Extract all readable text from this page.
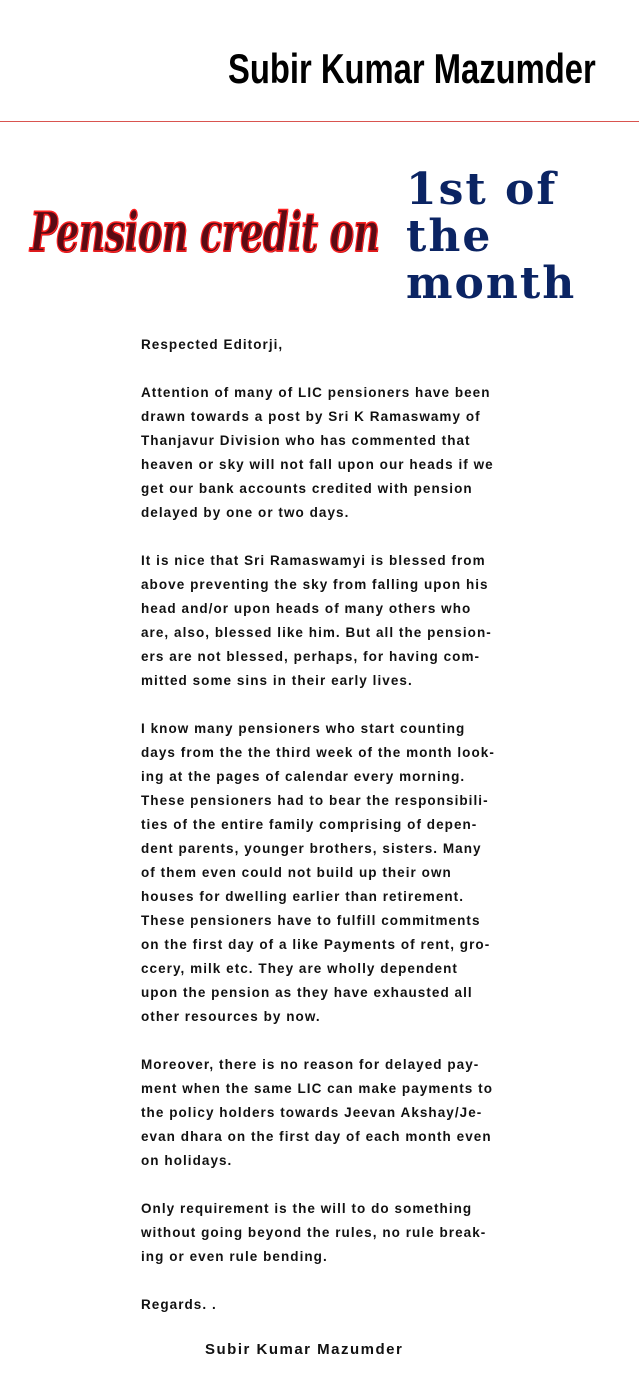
Subir Kumar Mazumder
Pension credit on
1st of
the
month

Respected Editorji,

Attention of many of LIC pensioners have been
drawn towards a post by Sri K Ramaswamy of
Thanjavur Division who has commented that
heaven or sky will not fall upon our heads if we
get our bank accounts credited with pension
delayed by one or two days.

It is nice that Sri Ramaswamyi is blessed from
above preventing the sky from falling upon his
head and/or upon heads of many others who
are, also, blessed like him. But all the pension-
ers are not blessed, perhaps, for having com-
mitted some sins in their early lives.

I know many pensioners who start counting
days from the the third week of the month look-
ing at the pages of calendar every morning.
These pensioners had to bear the responsibili-
ties of the entire family comprising of depen-
dent parents, younger brothers, sisters. Many
of them even could not build up their own
houses for dwelling earlier than retirement.
These pensioners have to fulfill commitments
on the first day of a like Payments of rent, gro-
ccery, milk etc. They are wholly dependent
upon the pension as they have exhausted all
other resources by now.

Moreover, there is no reason for delayed pay-
ment when the same LIC can make payments to
the policy holders towards Jeevan Akshay/Je-
evan dhara on the first day of each month even
on holidays.

Only requirement is the will to do something
without going beyond the rules, no rule break-
ing or even rule bending.

Regards. .

Subir Kumar Mazumder
